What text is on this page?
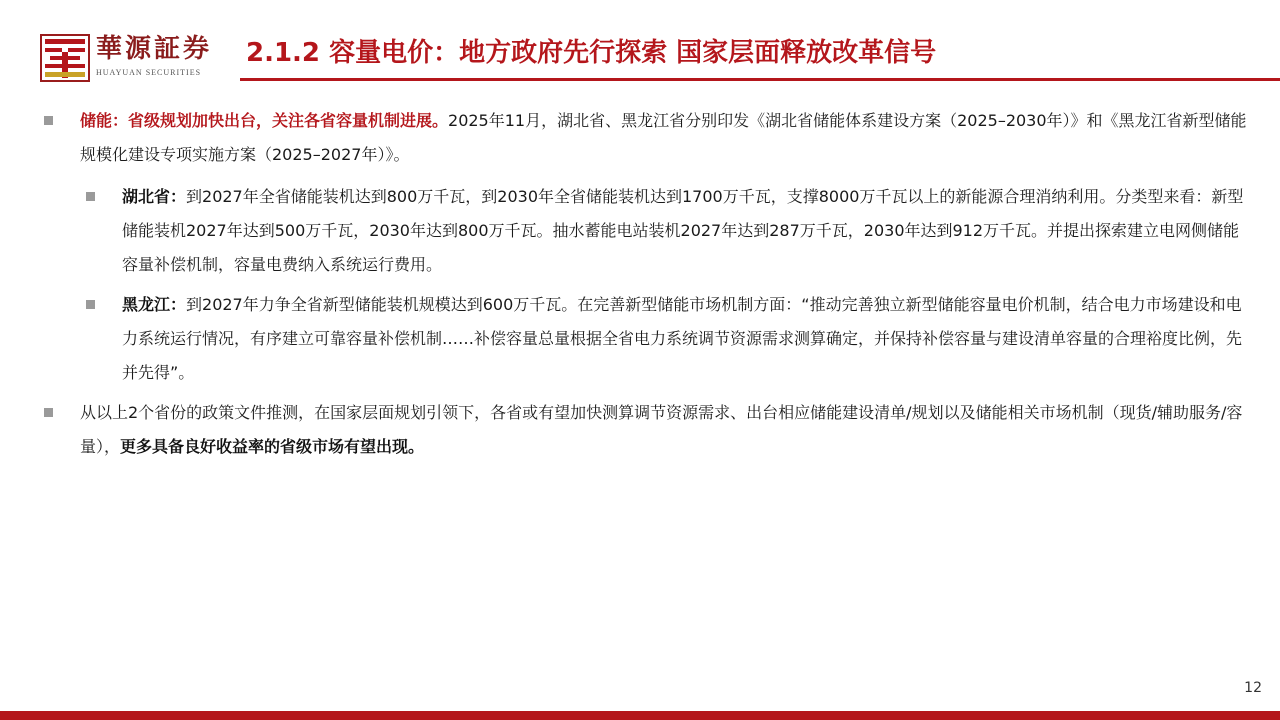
華源証券
HUAYUAN SECURITIES
2.1.2 容量电价：地方政府先行探索 国家层面释放改革信号
储能：省级规划加快出台，关注各省容量机制进展。2025年11月，湖北省、黑龙江省分别印发《湖北省储能体系建设方案（2025–2030年）》和《黑龙江省新型储能规模化建设专项实施方案（2025–2027年）》。
湖北省：到2027年全省储能装机达到800万千瓦，到2030年全省储能装机达到1700万千瓦，支撑8000万千瓦以上的新能源合理消纳利用。分类型来看：新型储能装机2027年达到500万千瓦，2030年达到800万千瓦。抽水蓄能电站装机2027年达到287万千瓦，2030年达到912万千瓦。并提出探索建立电网侧储能容量补偿机制，容量电费纳入系统运行费用。
黑龙江：到2027年力争全省新型储能装机规模达到600万千瓦。在完善新型储能市场机制方面：“推动完善独立新型储能容量电价机制，结合电力市场建设和电力系统运行情况，有序建立可靠容量补偿机制……补偿容量总量根据全省电力系统调节资源需求测算确定，并保持补偿容量与建设清单容量的合理裕度比例，先并先得”。
从以上2个省份的政策文件推测，在国家层面规划引领下，各省或有望加快测算调节资源需求、出台相应储能建设清单/规划以及储能相关市场机制（现货/辅助服务/容量），更多具备良好收益率的省级市场有望出现。
12
